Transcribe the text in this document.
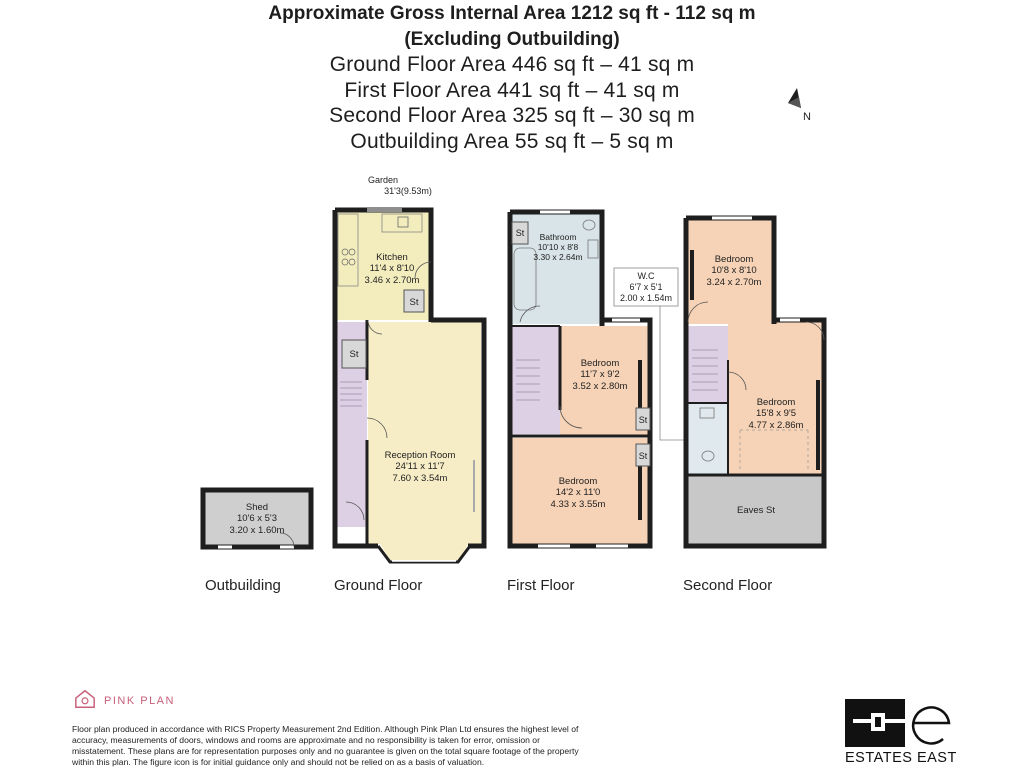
Approximate Gross Internal Area 1212 sq ft - 112 sq m
(Excluding Outbuilding)
Ground Floor Area 446 sq ft – 41 sq m
First Floor Area 441 sq ft – 41 sq m
Second Floor Area 325 sq ft – 30 sq m
Outbuilding Area 55 sq ft – 5 sq m
N
Garden
31'3(9.53m)
Kitchen
11'4 x 8'10
3.46 x 2.70m
St
St
Reception Room
24'11 x 11'7
7.60 x 3.54m
Shed
10'6 x 5'3
3.20 x 1.60m
Bathroom
10'10 x 8'8
3.30 x 2.64m
St
W.C
6'7 x 5'1
2.00 x 1.54m
Bedroom
11'7 x 9'2
3.52 x 2.80m
St
St
Bedroom
14'2 x 11'0
4.33 x 3.55m
Bedroom
10'8 x 8'10
3.24 x 2.70m
Bedroom
15'8 x 9'5
4.77 x 2.86m
Eaves St
Outbuilding	Ground Floor	First Floor	Second Floor
PINK PLAN
Floor plan produced in accordance with RICS Property Measurement 2nd Edition. Although Pink Plan Ltd ensures the highest level of accuracy, measurements of doors, windows and rooms are approximate and no responsibility is taken for error, omission or misstatement. These plans are for representation purposes only and no guarantee is given on the total square footage of the property within this plan. The figure icon is for initial guidance only and should not be relied on as a basis of valuation.	ESTATES EAST
